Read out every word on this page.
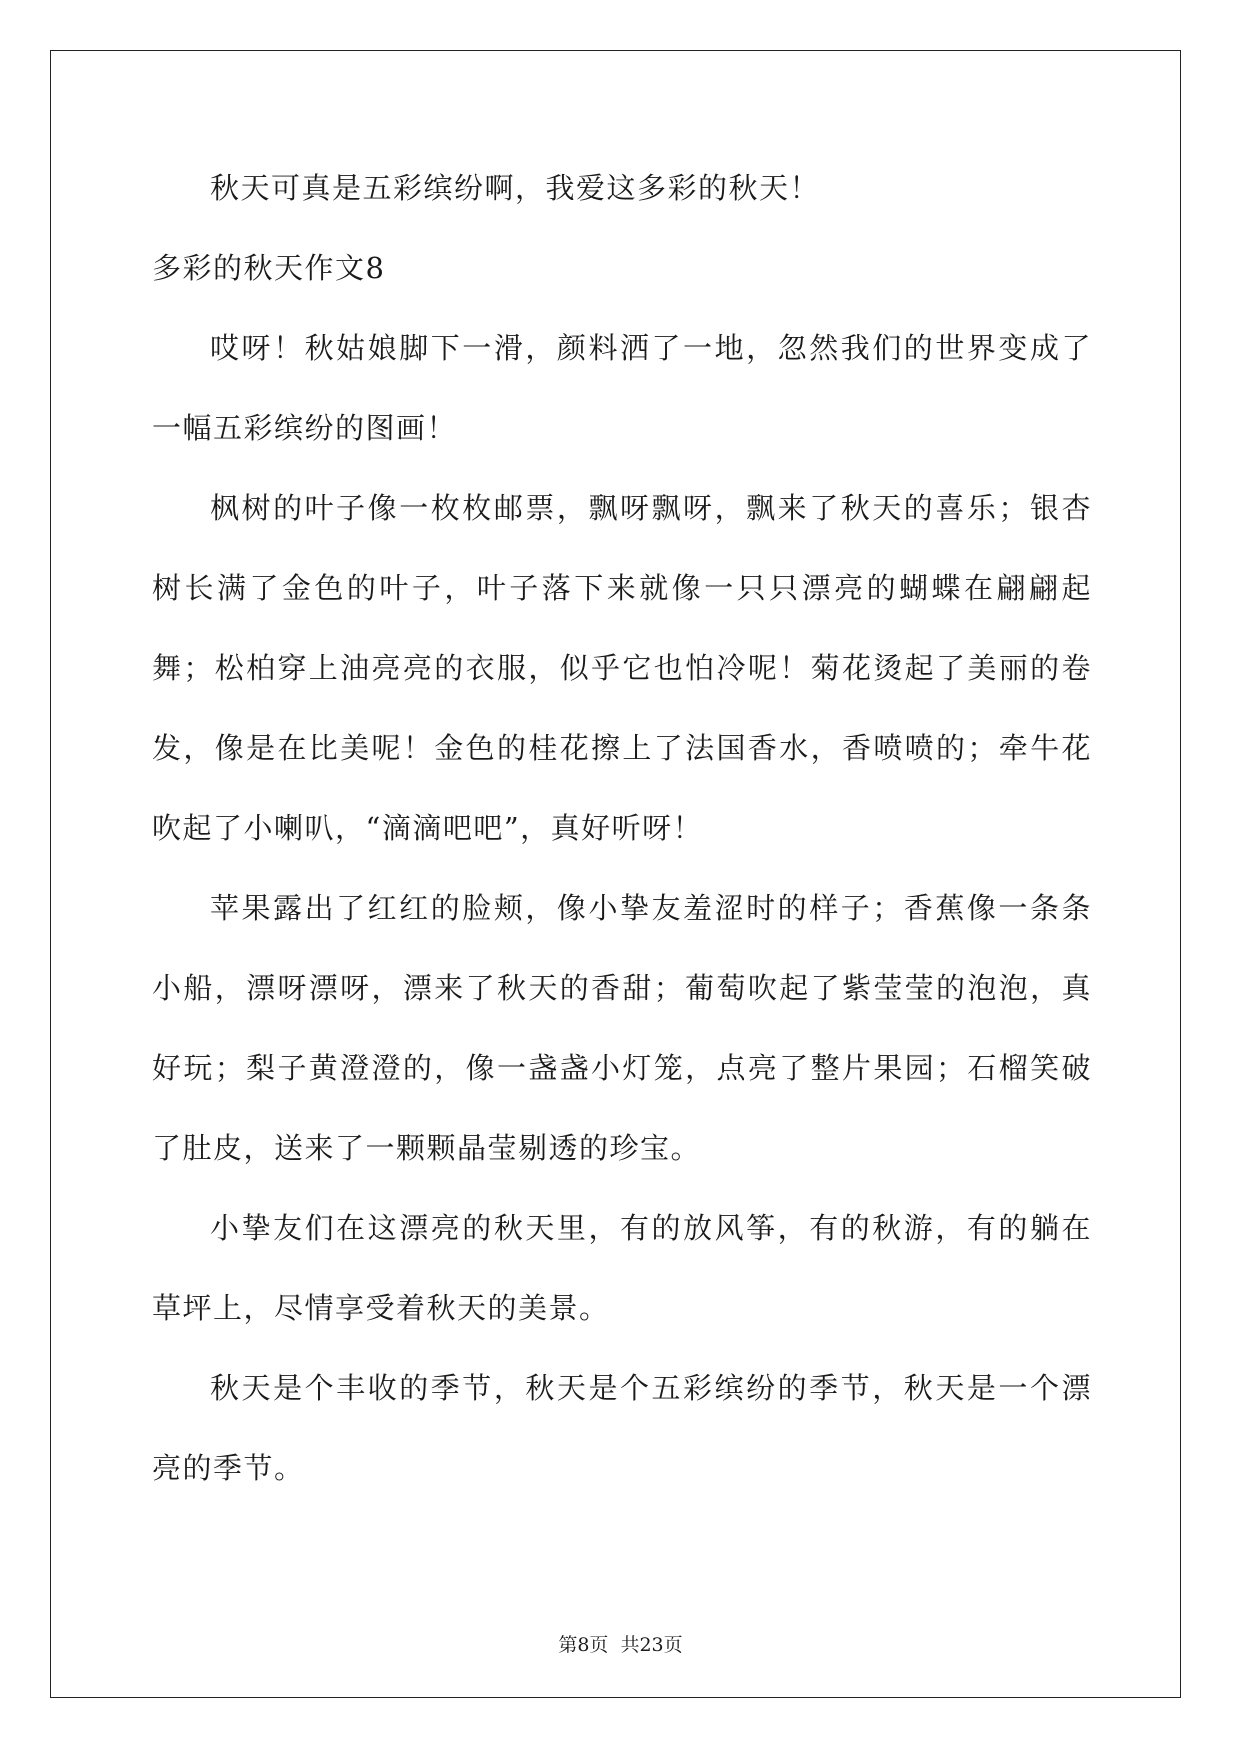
秋天可真是五彩缤纷啊，我爱这多彩的秋天！

多彩的秋天作文8

哎呀！秋姑娘脚下一滑，颜料洒了一地，忽然我们的世界变成了一幅五彩缤纷的图画！

枫树的叶子像一枚枚邮票，飘呀飘呀，飘来了秋天的喜乐；银杏树长满了金色的叶子，叶子落下来就像一只只漂亮的蝴蝶在翩翩起舞；松柏穿上油亮亮的衣服，似乎它也怕冷呢！菊花烫起了美丽的卷发，像是在比美呢！金色的桂花擦上了法国香水，香喷喷的；牵牛花吹起了小喇叭，“滴滴吧吧”，真好听呀！

苹果露出了红红的脸颊，像小挚友羞涩时的样子；香蕉像一条条小船，漂呀漂呀，漂来了秋天的香甜；葡萄吹起了紫莹莹的泡泡，真好玩；梨子黄澄澄的，像一盏盏小灯笼，点亮了整片果园；石榴笑破了肚皮，送来了一颗颗晶莹剔透的珍宝。

小挚友们在这漂亮的秋天里，有的放风筝，有的秋游，有的躺在草坪上，尽情享受着秋天的美景。

秋天是个丰收的季节，秋天是个五彩缤纷的季节，秋天是一个漂亮的季节。

第8页 共23页
